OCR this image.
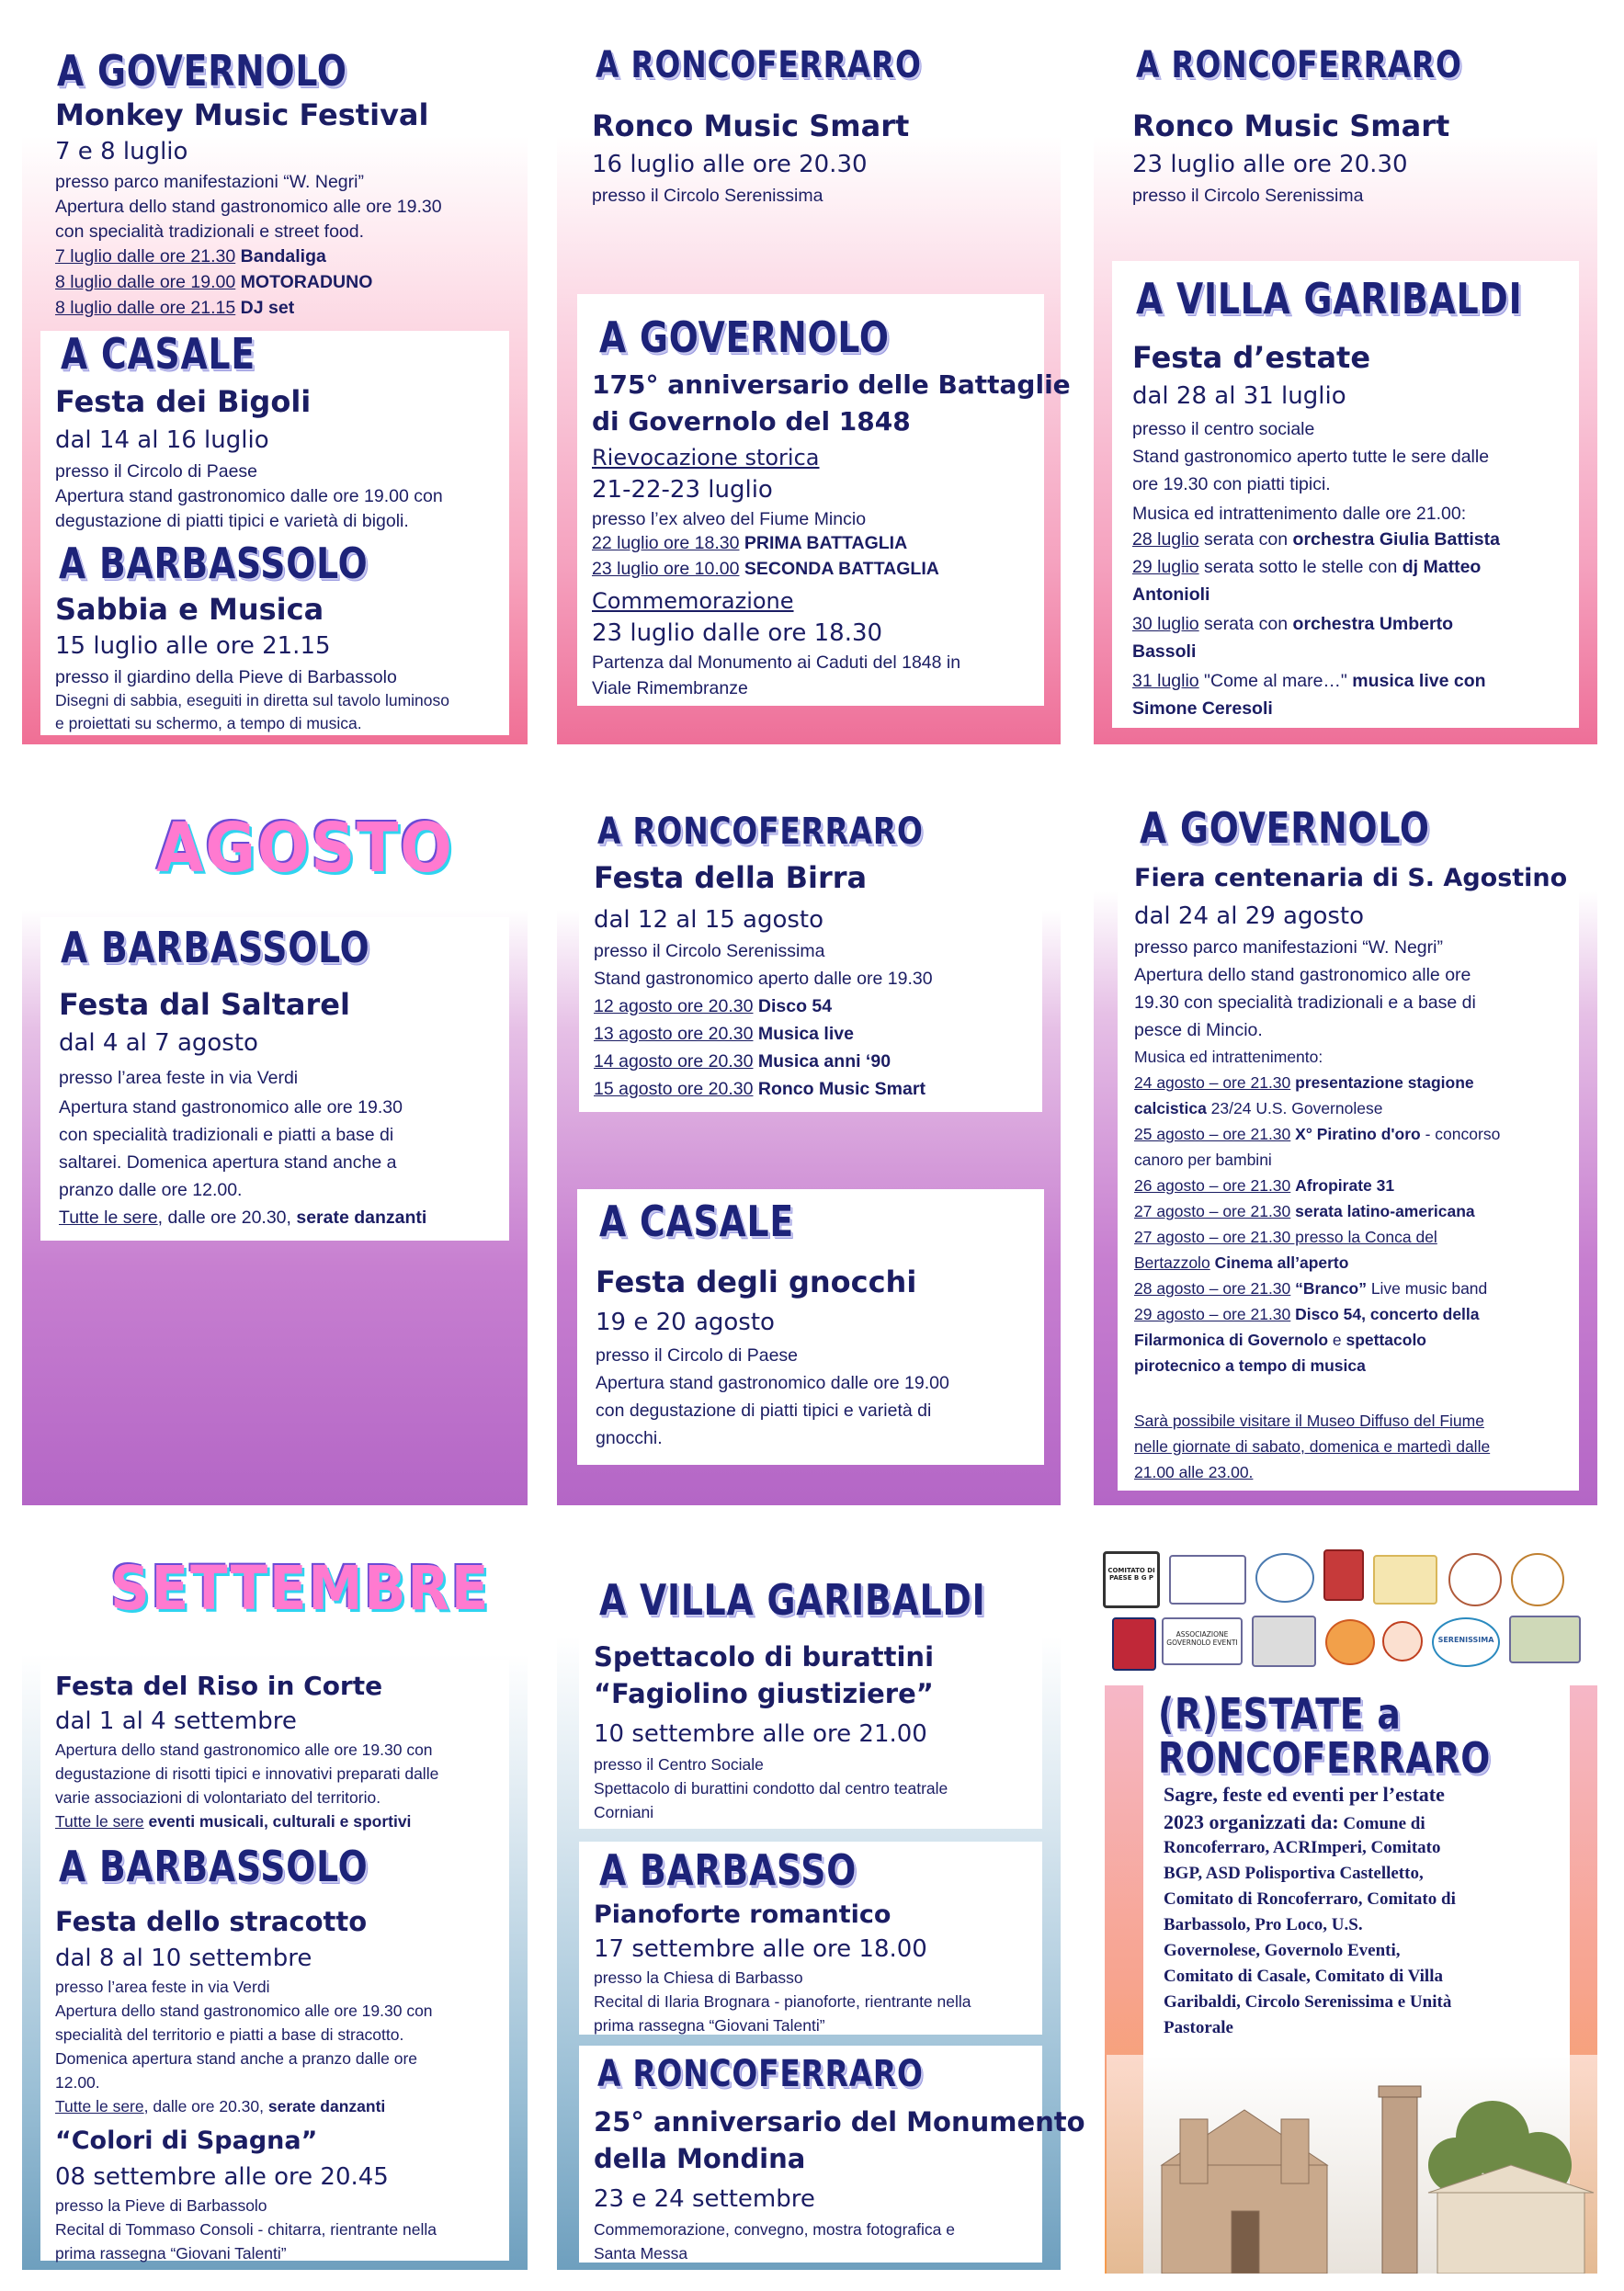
A GOVERNOLO
Monkey Music Festival
7 e 8 luglio
presso parco manifestazioni “W. Negri”
Apertura dello stand gastronomico alle ore 19.30
con specialità tradizionali e street food.
7 luglio dalle ore 21.30 Bandaliga
8 luglio dalle ore 19.00 MOTORADUNO
8 luglio dalle ore 21.15 DJ set
A CASALE
Festa dei Bigoli
dal 14 al 16 luglio
presso il Circolo di Paese
Apertura stand gastronomico dalle ore 19.00 con
degustazione di piatti tipici e varietà di bigoli.
A BARBASSOLO
Sabbia e Musica
15 luglio alle ore 21.15
presso il giardino della Pieve di Barbassolo
Disegni di sabbia, eseguiti in diretta sul tavolo luminoso
e proiettati su schermo, a tempo di musica.
A RONCOFERRARO
Ronco Music Smart
16 luglio alle ore 20.30
presso il Circolo Serenissima
A GOVERNOLO
175° anniversario delle Battaglie
di Governolo del 1848
Rievocazione storica
21-22-23 luglio
presso l’ex alveo del Fiume Mincio
22 luglio ore 18.30 PRIMA BATTAGLIA
23 luglio ore 10.00 SECONDA BATTAGLIA
Commemorazione
23 luglio dalle ore 18.30
Partenza dal Monumento ai Caduti del 1848 in
Viale Rimembranze
A RONCOFERRARO
Ronco Music Smart
23 luglio alle ore 20.30
presso il Circolo Serenissima
A VILLA GARIBALDI
Festa d’estate
dal 28 al 31 luglio
presso il centro sociale
Stand gastronomico aperto tutte le sere dalle
ore 19.30 con piatti tipici.
Musica ed intrattenimento dalle ore 21.00:
28 luglio serata con orchestra Giulia Battista
29 luglio serata sotto le stelle con dj Matteo
Antonioli
30 luglio serata con orchestra Umberto
Bassoli
31 luglio "Come al mare…" musica live con
Simone Ceresoli
AGOSTO
A BARBASSOLO
Festa dal Saltarel
dal 4 al 7 agosto
presso l’area feste in via Verdi
Apertura stand gastronomico alle ore 19.30
con specialità tradizionali e piatti a base di
saltarei. Domenica apertura stand anche a
pranzo dalle ore 12.00.
Tutte le sere, dalle ore 20.30, serate danzanti
A RONCOFERRARO
Festa della Birra
dal 12 al 15 agosto
presso il Circolo Serenissima
Stand gastronomico aperto dalle ore 19.30
12 agosto ore 20.30 Disco 54
13 agosto ore 20.30 Musica live
14 agosto ore 20.30 Musica anni ‘90
15 agosto ore 20.30 Ronco Music Smart
A CASALE
Festa degli gnocchi
19 e 20 agosto
presso il Circolo di Paese
Apertura stand gastronomico dalle ore 19.00
con degustazione di piatti tipici e varietà di
gnocchi.
A GOVERNOLO
Fiera centenaria di S. Agostino
dal 24 al 29 agosto
presso parco manifestazioni “W. Negri”
Apertura dello stand gastronomico alle ore
19.30 con specialità tradizionali e a base di
pesce di Mincio.
Musica ed intrattenimento:
24 agosto – ore 21.30 presentazione stagione
calcistica 23/24 U.S. Governolese
25 agosto – ore 21.30 X° Piratino d'oro - concorso
canoro per bambini
26 agosto – ore 21.30 Afropirate 31
27 agosto – ore 21.30 serata latino-americana
27 agosto – ore 21.30 presso la Conca del
Bertazzolo Cinema all’aperto
28 agosto – ore 21.30 “Branco” Live music band
29 agosto – ore 21.30 Disco 54, concerto della
Filarmonica di Governolo e spettacolo
pirotecnico a tempo di musica
Sarà possibile visitare il Museo Diffuso del Fiume
nelle giornate di sabato, domenica e martedì dalle
21.00 alle 23.00.
SETTEMBRE
Festa del Riso in Corte
dal 1 al 4 settembre
Apertura dello stand gastronomico alle ore 19.30 con
degustazione di risotti tipici e innovativi preparati dalle
varie associazioni di volontariato del territorio.
Tutte le sere eventi musicali, culturali e sportivi
A BARBASSOLO
Festa dello stracotto
dal 8 al 10 settembre
presso l’area feste in via Verdi
Apertura dello stand gastronomico alle ore 19.30 con
specialità del territorio e piatti a base di stracotto.
Domenica apertura stand anche a pranzo dalle ore
12.00.
Tutte le sere, dalle ore 20.30, serate danzanti
“Colori di Spagna”
08 settembre alle ore 20.45
presso la Pieve di Barbassolo
Recital di Tommaso Consoli - chitarra, rientrante nella
prima rassegna “Giovani Talenti”
A VILLA GARIBALDI
Spettacolo di burattini
“Fagiolino giustiziere”
10 settembre alle ore 21.00
presso il Centro Sociale
Spettacolo di burattini condotto dal centro teatrale
Corniani
A BARBASSO
Pianoforte romantico
17 settembre alle ore 18.00
presso la Chiesa di Barbasso
Recital di Ilaria Brognara - pianoforte, rientrante nella
prima rassegna “Giovani Talenti”
A RONCOFERRARO
25° anniversario del Monumento
della Mondina
23 e 24 settembre
Commemorazione, convegno, mostra fotografica e
Santa Messa
COMITATO DI PAESE B G P
ASSOCIAZIONE GOVERNOLO EVENTI	SERENISSIMA
(R)ESTATE a
RONCOFERRARO
Sagre, feste ed eventi per l’estate
2023 organizzati da: Comune di
Roncoferraro, ACRImperi, Comitato
BGP, ASD Polisportiva Castelletto,
Comitato di Roncoferraro, Comitato di
Barbassolo, Pro Loco, U.S.
Governolese, Governolo Eventi,
Comitato di Casale, Comitato di Villa
Garibaldi, Circolo Serenissima e Unità
Pastorale
